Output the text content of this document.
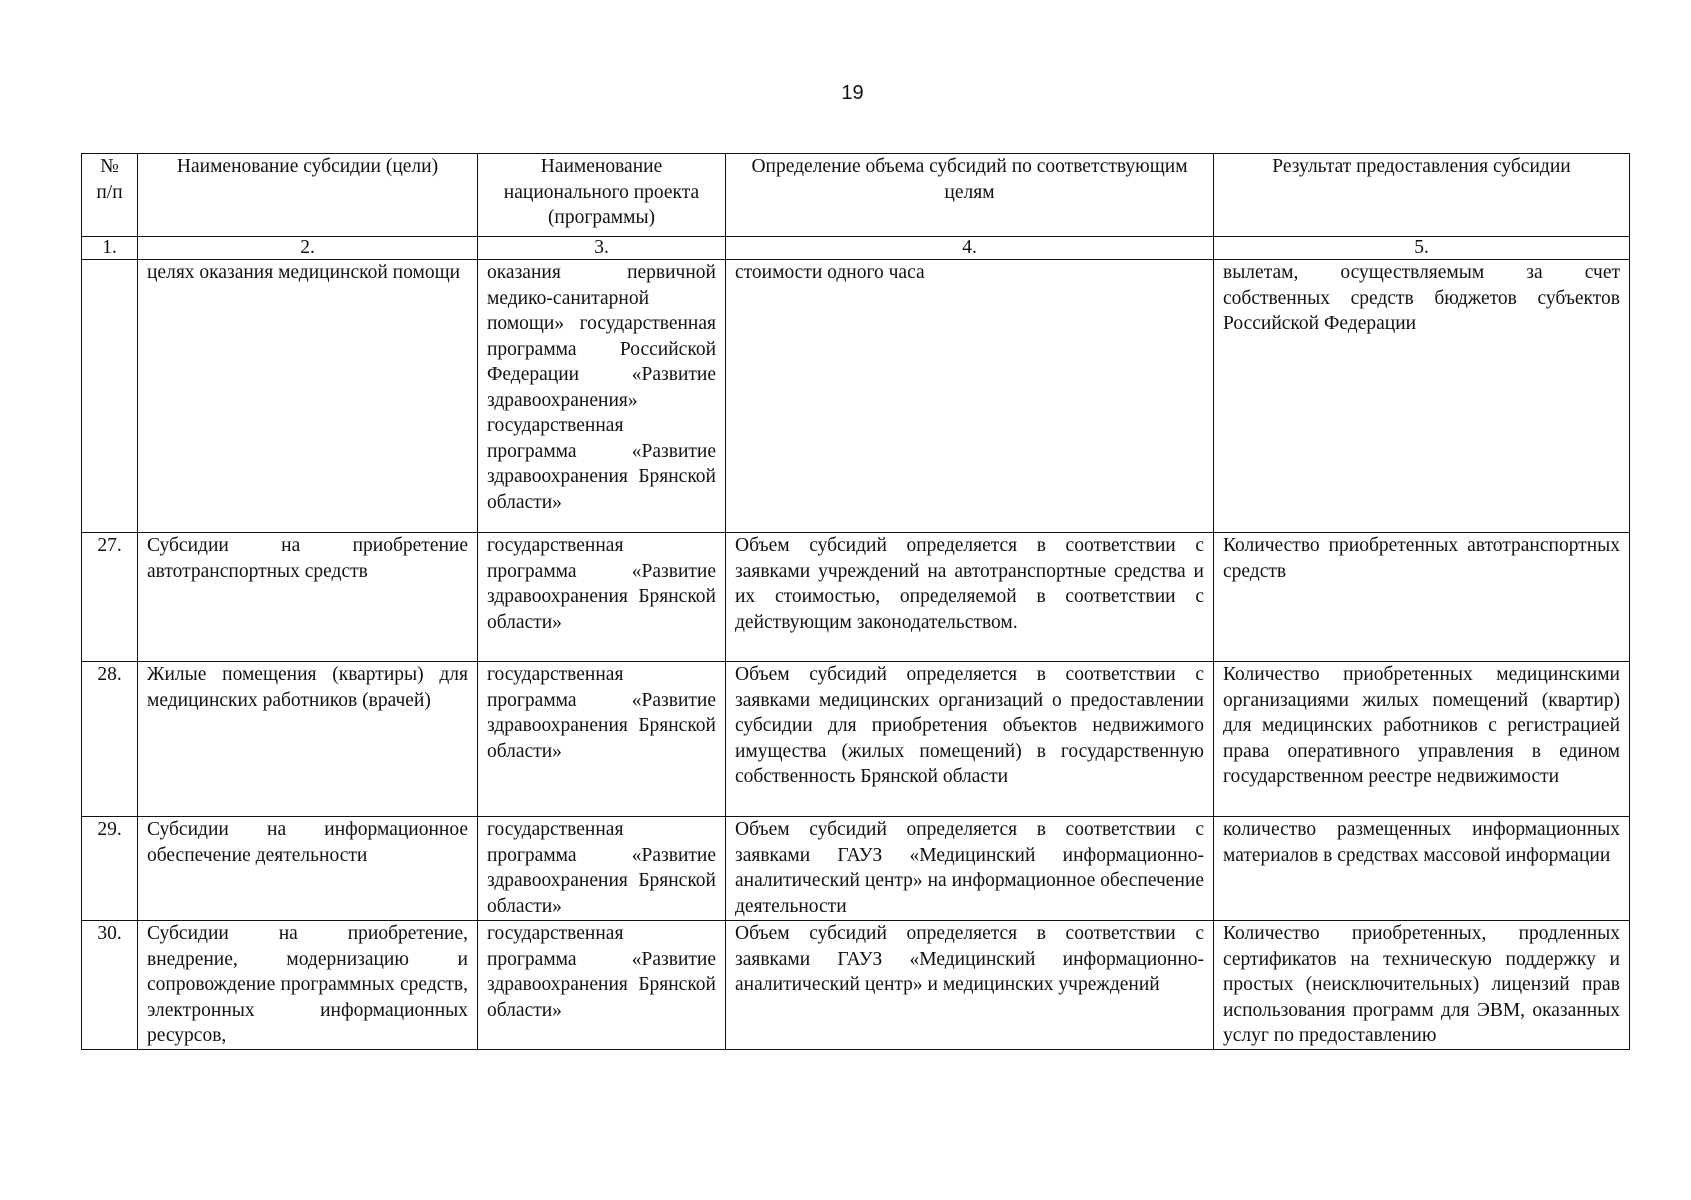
19
№ п/п	Наименование субсидии (цели)	Наименование национального проекта (программы)	Определение объема субсидий по соответствующим целям	Результат предоставления субсидии
1.	2.	3.	4.	5.
	целях оказания медицинской помощи	оказания первичной медико-санитарной помощи» государственная программа Российской Федерации «Развитие здравоохранения» государственная программа «Развитие здравоохранения Брянской области»	стоимости одного часа	вылетам, осуществляемым за счет собственных средств бюджетов субъектов Российской Федерации
27.	Субсидии на приобретение автотранспортных средств	государственная программа «Развитие здравоохранения Брянской области»	Объем субсидий определяется в соответствии с заявками учреждений на автотранспортные средства и их стоимостью, определяемой в соответствии с действующим законодательством.	Количество приобретенных автотранспортных средств
28.	Жилые помещения (квартиры) для медицинских работников (врачей)	государственная программа «Развитие здравоохранения Брянской области»	Объем субсидий определяется в соответствии с заявками медицинских организаций о предоставлении субсидии для приобретения объектов недвижимого имущества (жилых помещений) в государственную собственность Брянской области	Количество приобретенных медицинскими организациями жилых помещений (квартир) для медицинских работников с регистрацией права оперативного управления в едином государственном реестре недвижимости
29.	Субсидии на информационное обеспечение деятельности	государственная программа «Развитие здравоохранения Брянской области»	Объем субсидий определяется в соответствии с заявками ГАУЗ «Медицинский информационно-аналитический центр» на информационное обеспечение деятельности	количество размещенных информационных материалов в средствах массовой информации
30.	Субсидии на приобретение, внедрение, модернизацию и сопровождение программных средств, электронных информационных ресурсов,	государственная программа «Развитие здравоохранения Брянской области»	Объем субсидий определяется в соответствии с заявками ГАУЗ «Медицинский информационно-аналитический центр» и медицинских учреждений	Количество приобретенных, продленных сертификатов на техническую поддержку и простых (неисключительных) лицензий прав использования программ для ЭВМ, оказанных услуг по предоставлению
